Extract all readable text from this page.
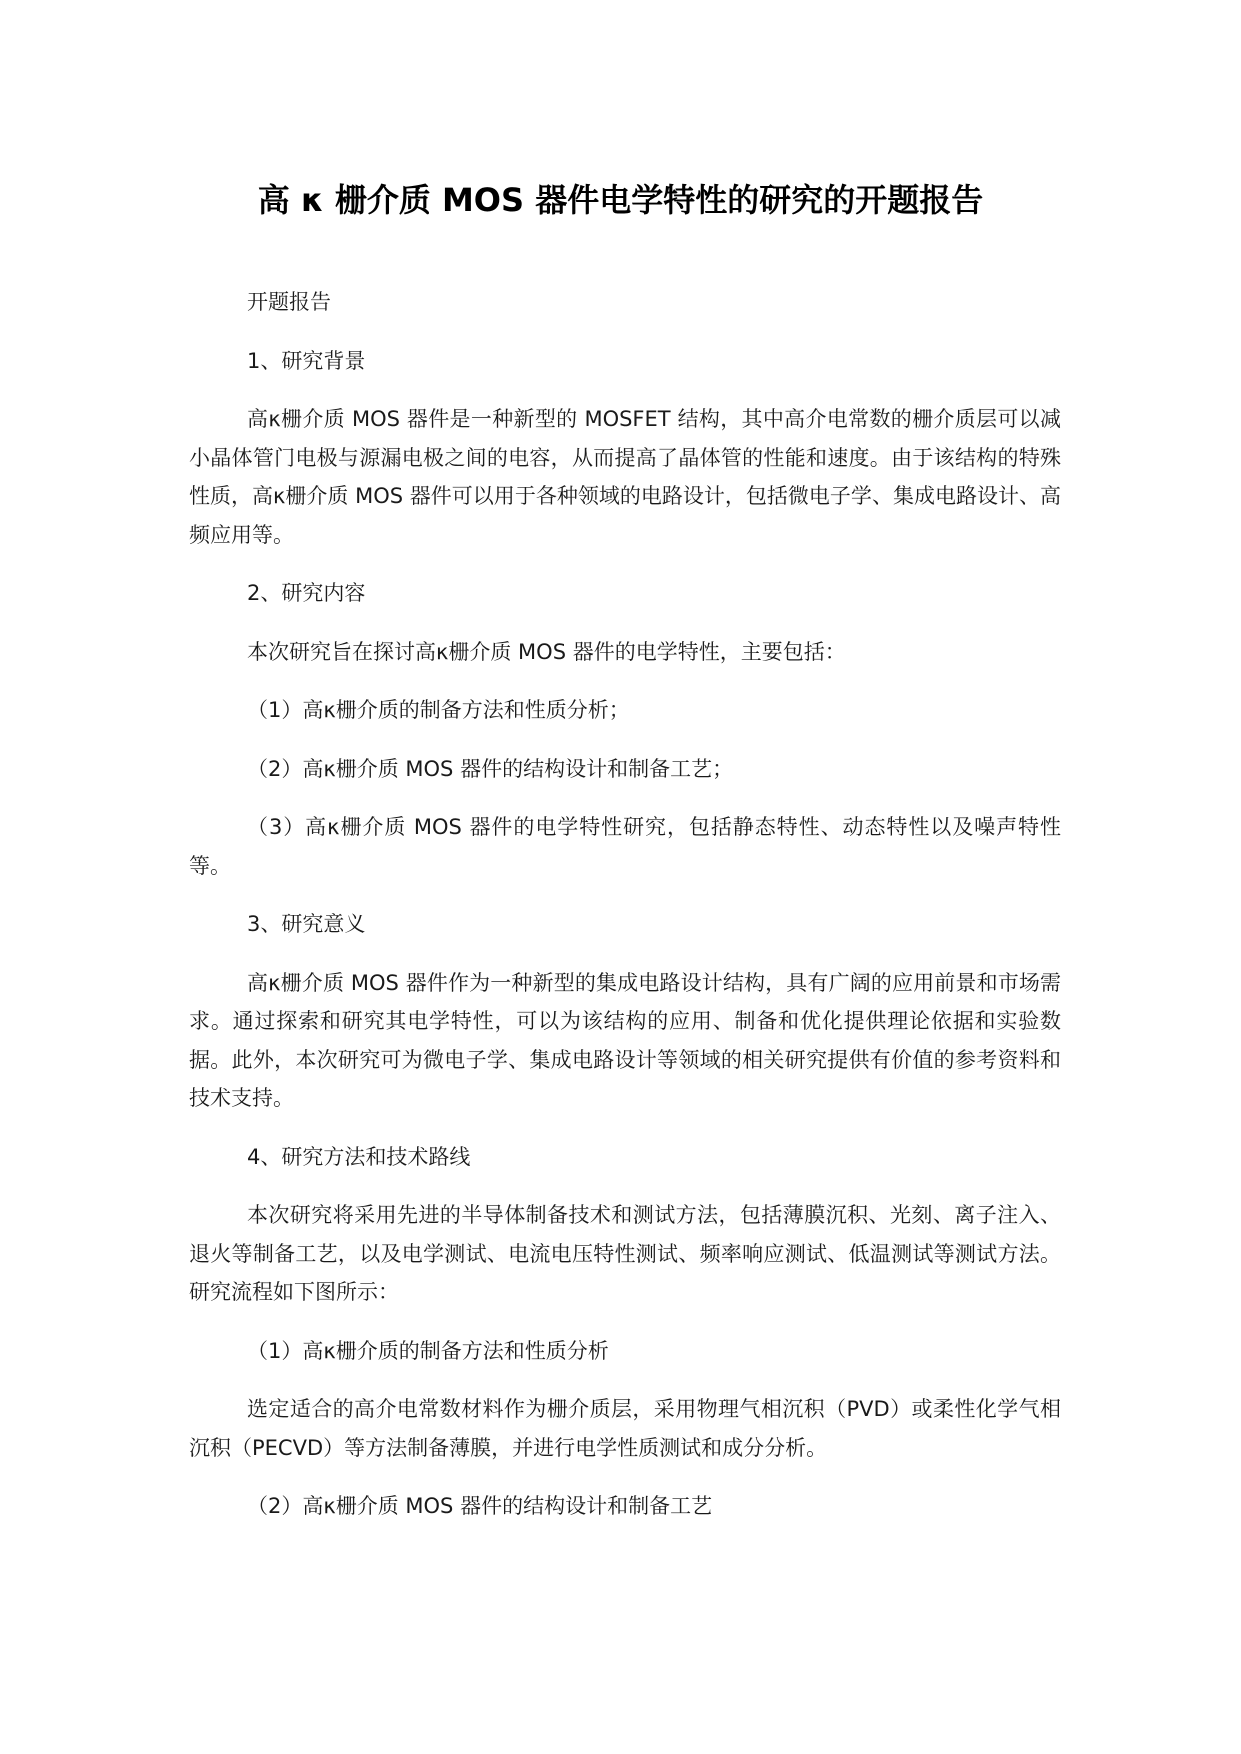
高 κ 栅介质 MOS 器件电学特性的研究的开题报告

开题报告

1、研究背景

高κ栅介质 MOS 器件是一种新型的 MOSFET 结构，其中高介电常数的栅介质层可以减小晶体管门电极与源漏电极之间的电容，从而提高了晶体管的性能和速度。由于该结构的特殊性质，高κ栅介质 MOS 器件可以用于各种领域的电路设计，包括微电子学、集成电路设计、高频应用等。

2、研究内容

本次研究旨在探讨高κ栅介质 MOS 器件的电学特性，主要包括：

（1）高κ栅介质的制备方法和性质分析；

（2）高κ栅介质 MOS 器件的结构设计和制备工艺；

（3）高κ栅介质 MOS 器件的电学特性研究，包括静态特性、动态特性以及噪声特性等。

3、研究意义

高κ栅介质 MOS 器件作为一种新型的集成电路设计结构，具有广阔的应用前景和市场需求。通过探索和研究其电学特性，可以为该结构的应用、制备和优化提供理论依据和实验数据。此外，本次研究可为微电子学、集成电路设计等领域的相关研究提供有价值的参考资料和技术支持。

4、研究方法和技术路线

本次研究将采用先进的半导体制备技术和测试方法，包括薄膜沉积、光刻、离子注入、退火等制备工艺，以及电学测试、电流电压特性测试、频率响应测试、低温测试等测试方法。研究流程如下图所示：

（1）高κ栅介质的制备方法和性质分析

选定适合的高介电常数材料作为栅介质层，采用物理气相沉积（PVD）或柔性化学气相沉积（PECVD）等方法制备薄膜，并进行电学性质测试和成分分析。

（2）高κ栅介质 MOS 器件的结构设计和制备工艺
